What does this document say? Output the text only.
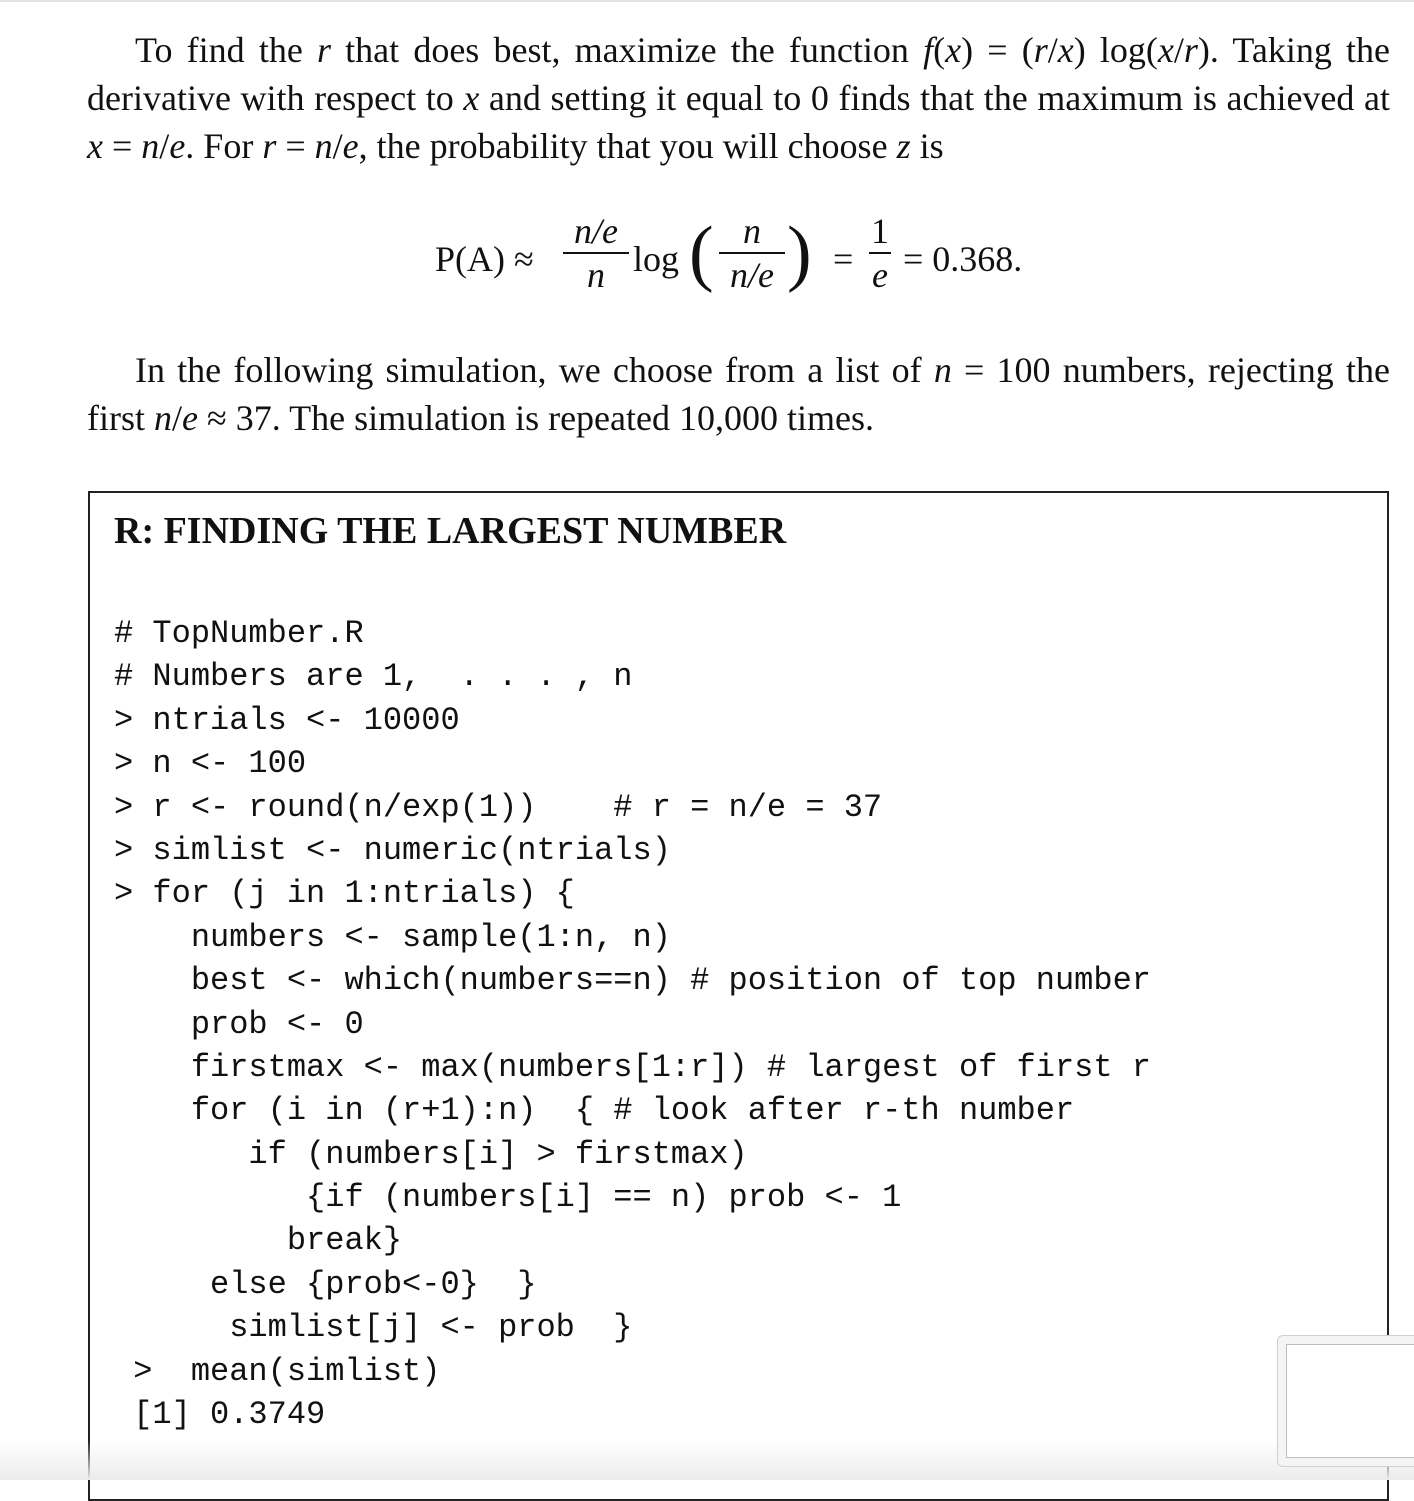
To find the r that does best, maximize the function f(x) = (r/x) log(x/r). Taking the derivative with respect to x and setting it equal to 0 finds that the maximum is achieved at x = n/e. For r = n/e, the probability that you will choose z is

P(A) ≈
n/e
n log ( n
n/e ) =
1
e = 0.368.

In the following simulation, we choose from a list of n = 100 numbers, rejecting the first n/e ≈ 37. The simulation is repeated 10,000 times.

R: FINDING THE LARGEST NUMBER
# TopNumber.R
# Numbers are 1,  . . . , n
> ntrials <- 10000
> n <- 100
> r <- round(n/exp(1))    # r = n/e = 37
> simlist <- numeric(ntrials)
> for (j in 1:ntrials) {
numbers <- sample(1:n, n)
best <- which(numbers==n) # position of top number
prob <- 0
firstmax <- max(numbers[1:r]) # largest of first r
for (i in (r+1):n)  { # look after r-th number
if (numbers[i] > firstmax)
{if (numbers[i] == n) prob <- 1
break}
else {prob<-0}  }
simlist[j] <- prob  }
>  mean(simlist)
[1] 0.3749
